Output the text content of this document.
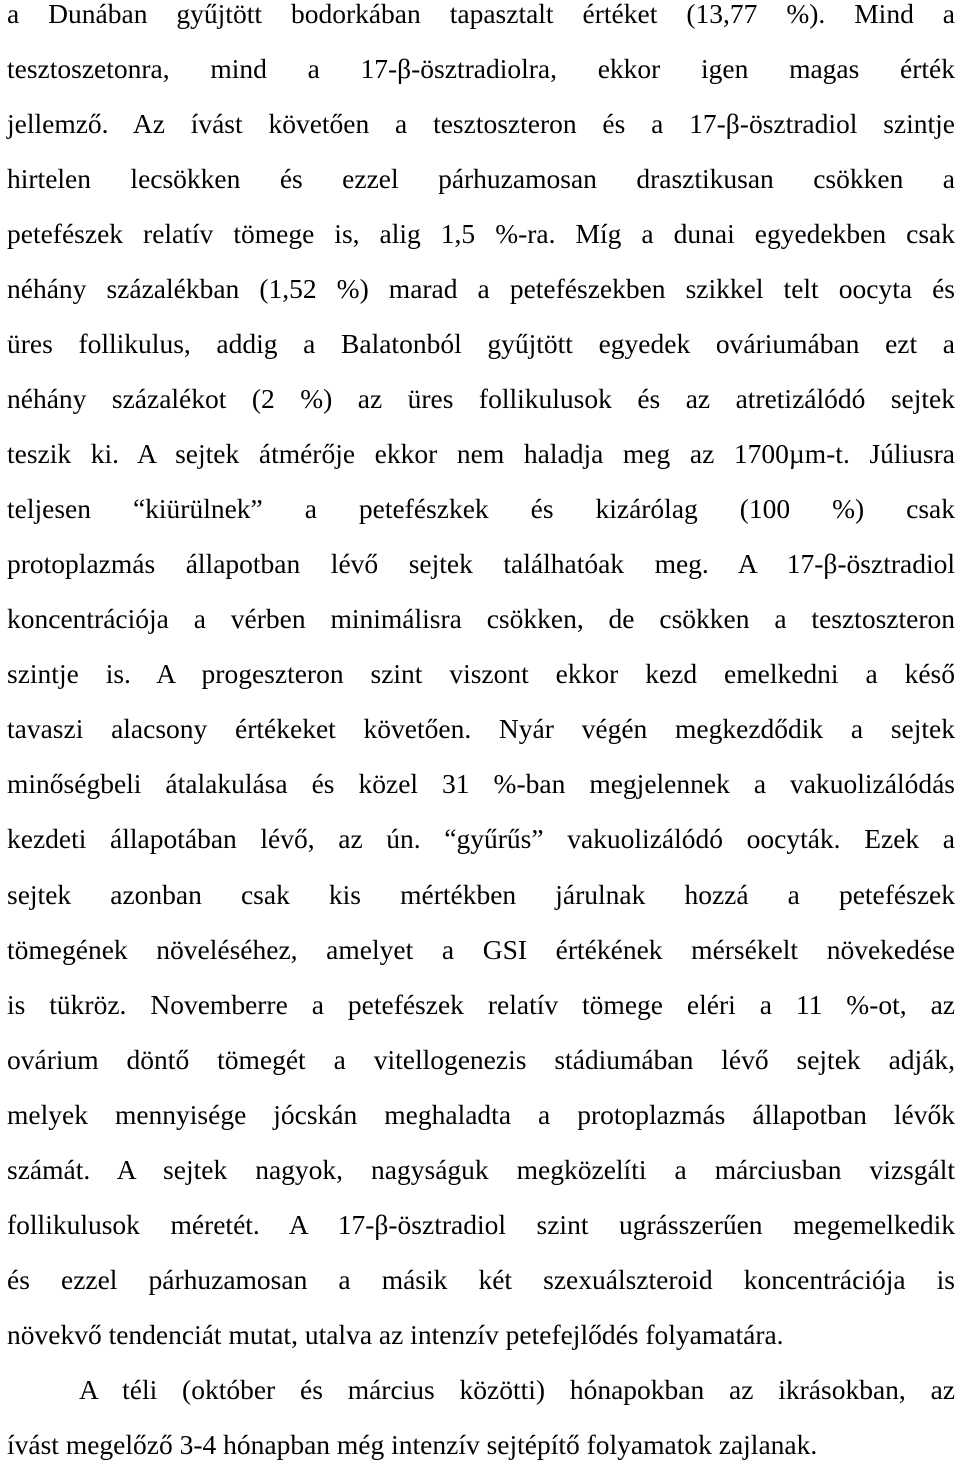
a Dunában gyűjtött bodorkában tapasztalt értéket (13,77 %). Mind a

tesztoszetonra, mind a 17-β-ösztradiolra, ekkor igen magas érték

jellemző. Az ívást követően a tesztoszteron és a 17-β-ösztradiol szintje

hirtelen lecsökken és ezzel párhuzamosan drasztikusan csökken a

petefészek relatív tömege is, alig 1,5 %-ra. Míg a dunai egyedekben csak

néhány százalékban (1,52 %) marad a petefészekben szikkel telt oocyta és

üres follikulus, addig a Balatonból gyűjtött egyedek ováriumában ezt a

néhány százalékot (2 %) az üres follikulusok és az atretizálódó sejtek

teszik ki. A sejtek átmérője ekkor nem haladja meg az 1700µm-t. Júliusra

teljesen “kiürülnek” a petefészkek és kizárólag (100 %) csak

protoplazmás állapotban lévő sejtek találhatóak meg. A 17-β-ösztradiol

koncentrációja a vérben minimálisra csökken, de csökken a tesztoszteron

szintje is. A progeszteron szint viszont ekkor kezd emelkedni a késő

tavaszi alacsony értékeket követően. Nyár végén megkezdődik a sejtek

minőségbeli átalakulása és közel 31 %-ban megjelennek a vakuolizálódás

kezdeti állapotában lévő, az ún. “gyűrűs” vakuolizálódó oocyták. Ezek a

sejtek azonban csak kis mértékben járulnak hozzá a petefészek

tömegének növeléséhez, amelyet a GSI értékének mérsékelt növekedése

is tükröz. Novemberre a petefészek relatív tömege eléri a 11 %-ot, az

ovárium döntő tömegét a vitellogenezis stádiumában lévő sejtek adják,

melyek mennyisége jócskán meghaladta a protoplazmás állapotban lévők

számát. A sejtek nagyok, nagyságuk megközelíti a márciusban vizsgált

follikulusok méretét. A 17-β-ösztradiol szint ugrásszerűen megemelkedik

és ezzel párhuzamosan a másik két szexuálszteroid koncentrációja is

növekvő tendenciát mutat, utalva az intenzív petefejlődés folyamatára.

A téli (október és március közötti) hónapokban az ikrásokban, az

ívást megelőző 3-4 hónapban még intenzív sejtépítő folyamatok zajlanak.
